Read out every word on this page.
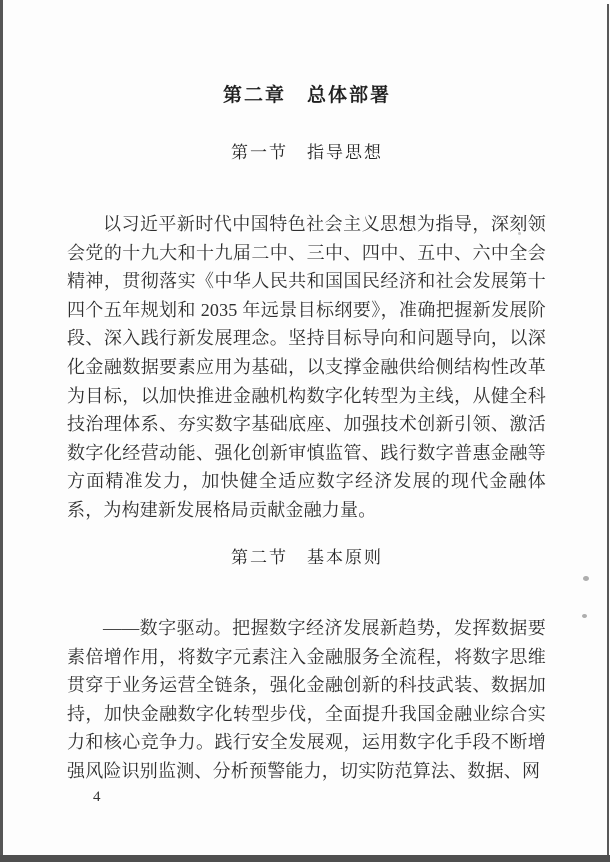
第二章　总体部署
第一节　指导思想

以习近平新时代中国特色社会主义思想为指导，深刻领会党的十九大和十九届二中、三中、四中、五中、六中全会精神，贯彻落实《中华人民共和国国民经济和社会发展第十四个五年规划和 2035 年远景目标纲要》，准确把握新发展阶段、深入践行新发展理念。坚持目标导向和问题导向，以深化金融数据要素应用为基础，以支撑金融供给侧结构性改革为目标，以加快推进金融机构数字化转型为主线，从健全科技治理体系、夯实数字基础底座、加强技术创新引领、激活数字化经营动能、强化创新审慎监管、践行数字普惠金融等方面精准发力，加快健全适应数字经济发展的现代金融体系，为构建新发展格局贡献金融力量。

第二节　基本原则

——数字驱动。把握数字经济发展新趋势，发挥数据要素倍增作用，将数字元素注入金融服务全流程，将数字思维贯穿于业务运营全链条，强化金融创新的科技武装、数据加持，加快金融数字化转型步伐，全面提升我国金融业综合实力和核心竞争力。践行安全发展观，运用数字化手段不断增强风险识别监测、分析预警能力，切实防范算法、数据、网

4
